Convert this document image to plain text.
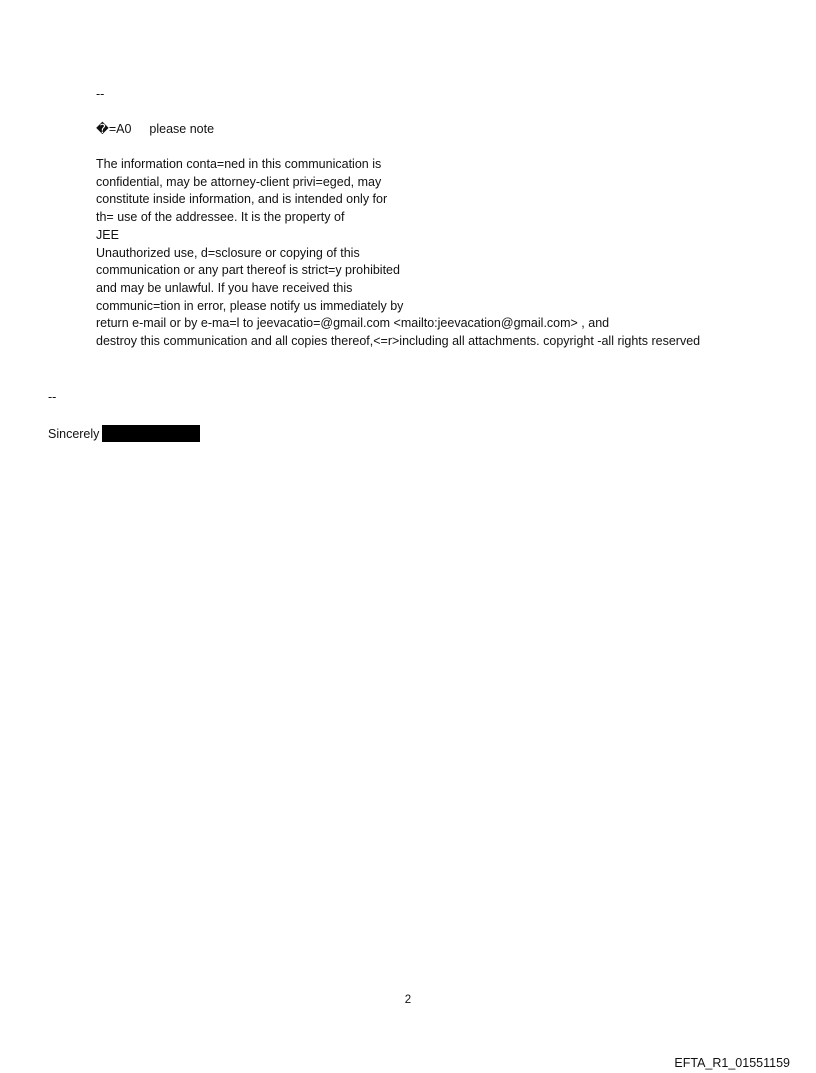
--
�=A0 please note
The information conta=ned in this communication is
confidential, may be attorney-client privi=eged, may
constitute inside information, and is intended only for
th= use of the addressee. It is the property of
JEE
Unauthorized use, d=sclosure or copying of this
communication or any part thereof is strict=y prohibited
and may be unlawful. If you have received this
communic=tion in error, please notify us immediately by
return e-mail or by e-ma=l to jeevacatio=@gmail.com <mailto:jeevacation@gmail.com> , and
destroy this communication and all copies thereof,<=r>including all attachments. copyright -all rights reserved
--
Sincerely
2
EFTA_R1_01551159
